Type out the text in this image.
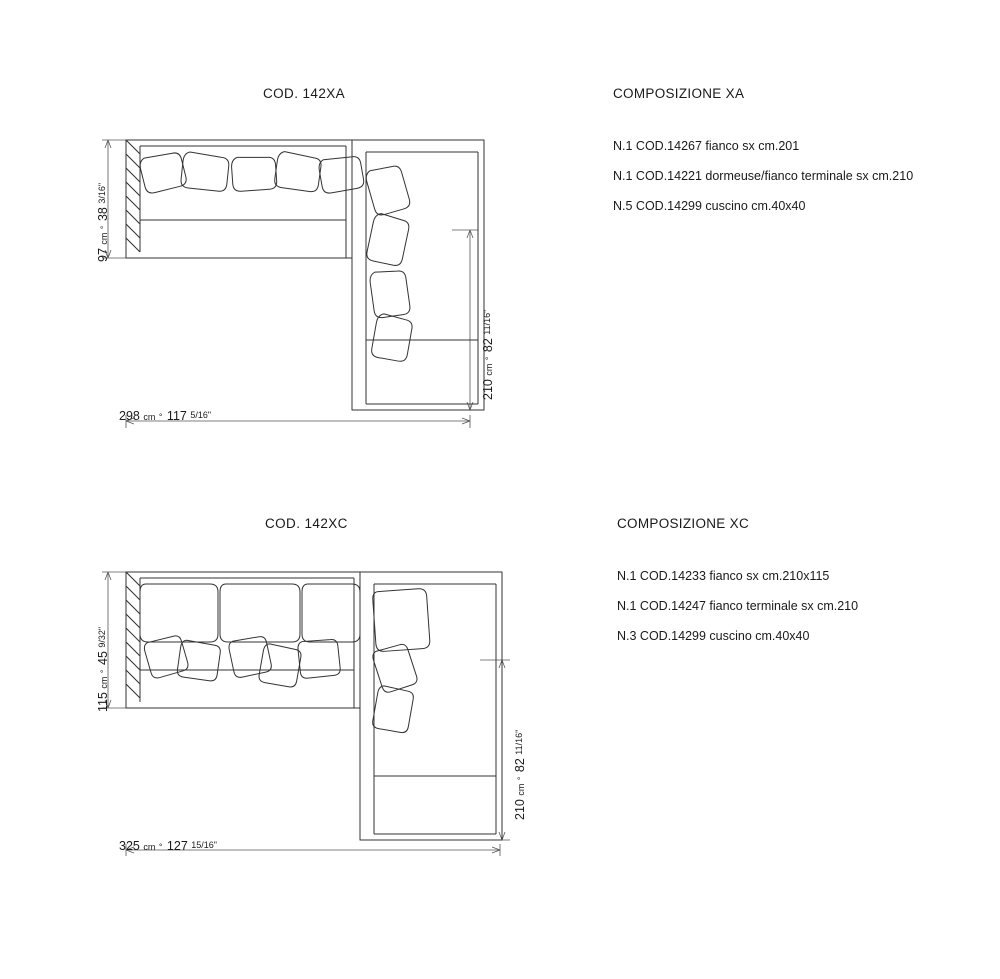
COD. 142XA	COMPOSIZIONE XA
N.1 COD.14267 fianco sx cm.201
N.1 COD.14221 dormeuse/fianco terminale sx cm.210
N.5 COD.14299 cuscino cm.40x40
97 cm ° 38 3/16"
210 cm ° 82 11/16"
298 cm ° 117 5/16"
COD. 142XC	COMPOSIZIONE XC
N.1 COD.14233 fianco sx cm.210x115
N.1 COD.14247 fianco terminale sx cm.210
N.3 COD.14299 cuscino cm.40x40
115 cm ° 45 9/32"
210 cm ° 82 11/16"
325 cm ° 127 15/16"
